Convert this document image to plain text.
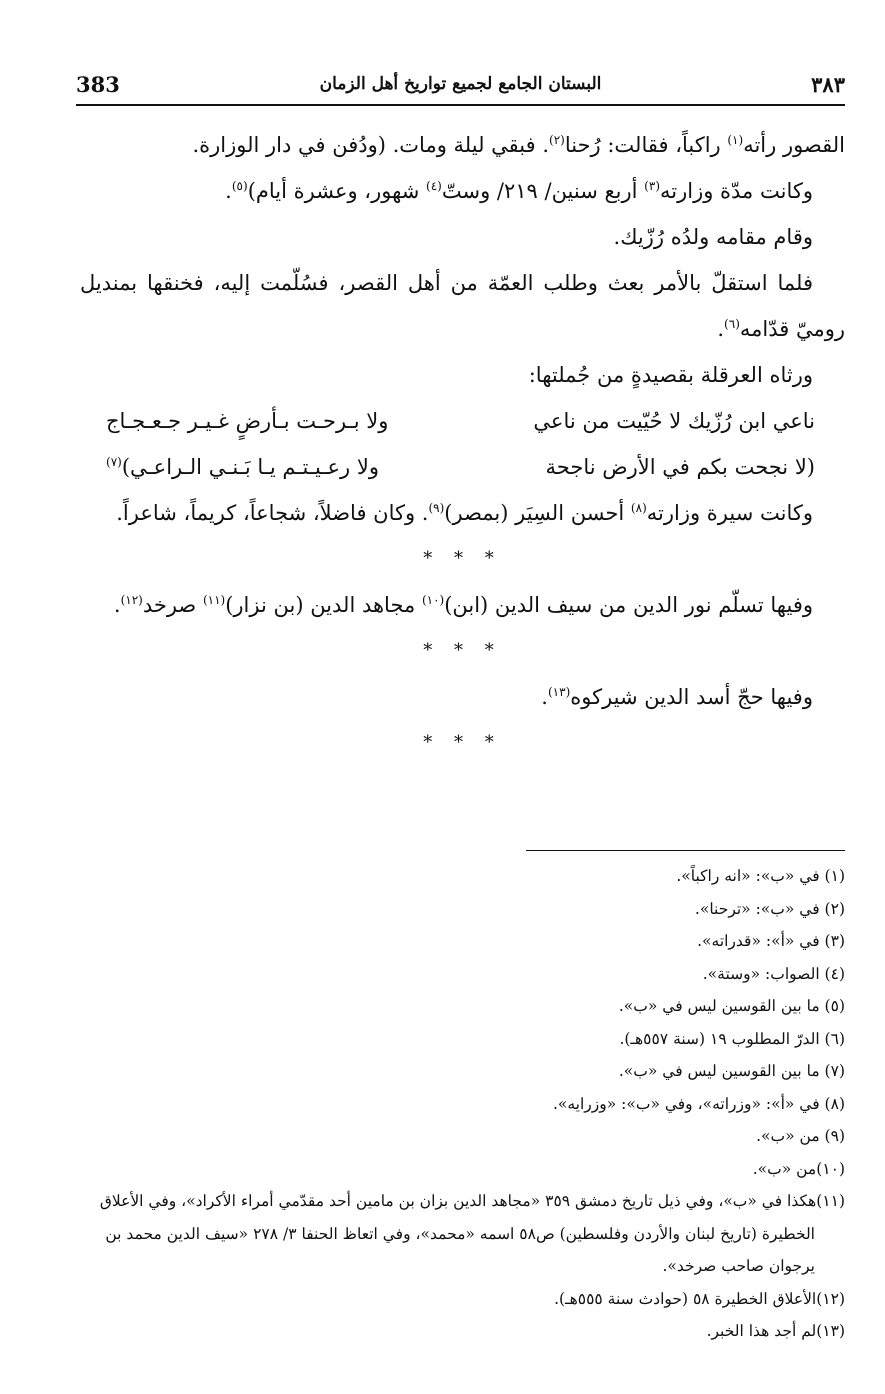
383	البستان الجامع لجميع تواريخ أهل الزمان	٣٨٣

القصور رأته$^{(١)}$ راكباً، فقالت: رُحنا$^{(٢)}$. فبقي ليلة ومات. (ودُفن في دار الوزارة.

وكانت مدّة وزارته$^{(٣)}$ أربع سنين/ ٢١٩/ وستّ$^{(٤)}$ شهور، وعشرة أيام)$^{(٥)}$.

وقام مقامه ولدُه رُزّيك.

فلما استقلّ بالأمر بعث وطلب العمّة من أهل القصر، فسُلّمت إليه، فخنقها بمنديل روميّ قدّامه$^{(٦)}$.

ورثاه العرقلة بقصيدةٍ من جُملتها:

ناعي ابن رُزّيك لا حُيّيت من ناعي
ولا بـرحـت بـأرضٍ غـيـر جـعـجـاج
(لا نجحت بكم في الأرض ناجحة
ولا رعـيـتـم يـا بَـنـي الـراعـي)$^{(٧)}$

وكانت سيرة وزارته$^{(٨)}$ أحسن السِيَر (بمصر)$^{(٩)}$. وكان فاضلاً، شجاعاً، كريماً، شاعراً.

* * *

وفيها تسلّم نور الدين من سيف الدين (ابن)$^{(١٠)}$ مجاهد الدين (بن نزار)$^{(١١)}$ صرخد$^{(١٢)}$.

* * *

وفيها حجّ أسد الدين شيركوه$^{(١٣)}$.

* * *

(١) في «ب»: «انه راكباً».

(٢) في «ب»: «ترحنا».

(٣) في «أ»: «قدراته».

(٤) الصواب: «وستة».

(٥) ما بين القوسين ليس في «ب».

(٦) الدرّ المطلوب ١٩ (سنة ٥٥٧هـ).

(٧) ما بين القوسين ليس في «ب».

(٨) في «أ»: «وزراته»، وفي «ب»: «وزرايه».

(٩) من «ب».

(١٠)من «ب».

(١١)هكذا في «ب»، وفي ذيل تاريخ دمشق ٣٥٩ «مجاهد الدين بزان بن مامين أحد مقدّمي أمراء الأكراد»، وفي الأعلاق الخطيرة (تاريخ لبنان والأردن وفلسطين) ص٥٨ اسمه «محمد»، وفي اتعاظ الحنفا ٣/ ٢٧٨ «سيف الدين محمد بن يرجوان صاحب صرخد».

(١٢)الأعلاق الخطيرة ٥٨ (حوادث سنة ٥٥٥هـ).

(١٣)لم أجد هذا الخبر.
